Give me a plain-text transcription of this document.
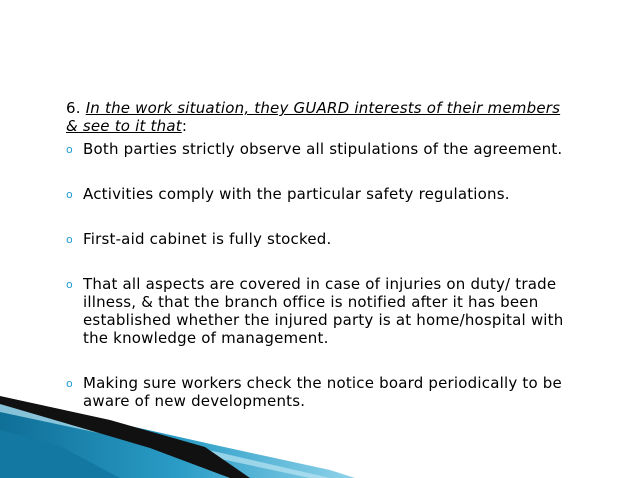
6. In the work situation, they GUARD interests of their members
& see to it that:

o Both parties strictly observe all stipulations of the agreement.
o Activities comply with the particular safety regulations.
o First-aid cabinet is fully stocked.
o That all aspects are covered in case of injuries on duty/ trade illness, & that the branch office is notified after it has been established whether the injured party is at home/hospital with the knowledge of management.
o Making sure workers check the notice board periodically to be aware of new developments.
